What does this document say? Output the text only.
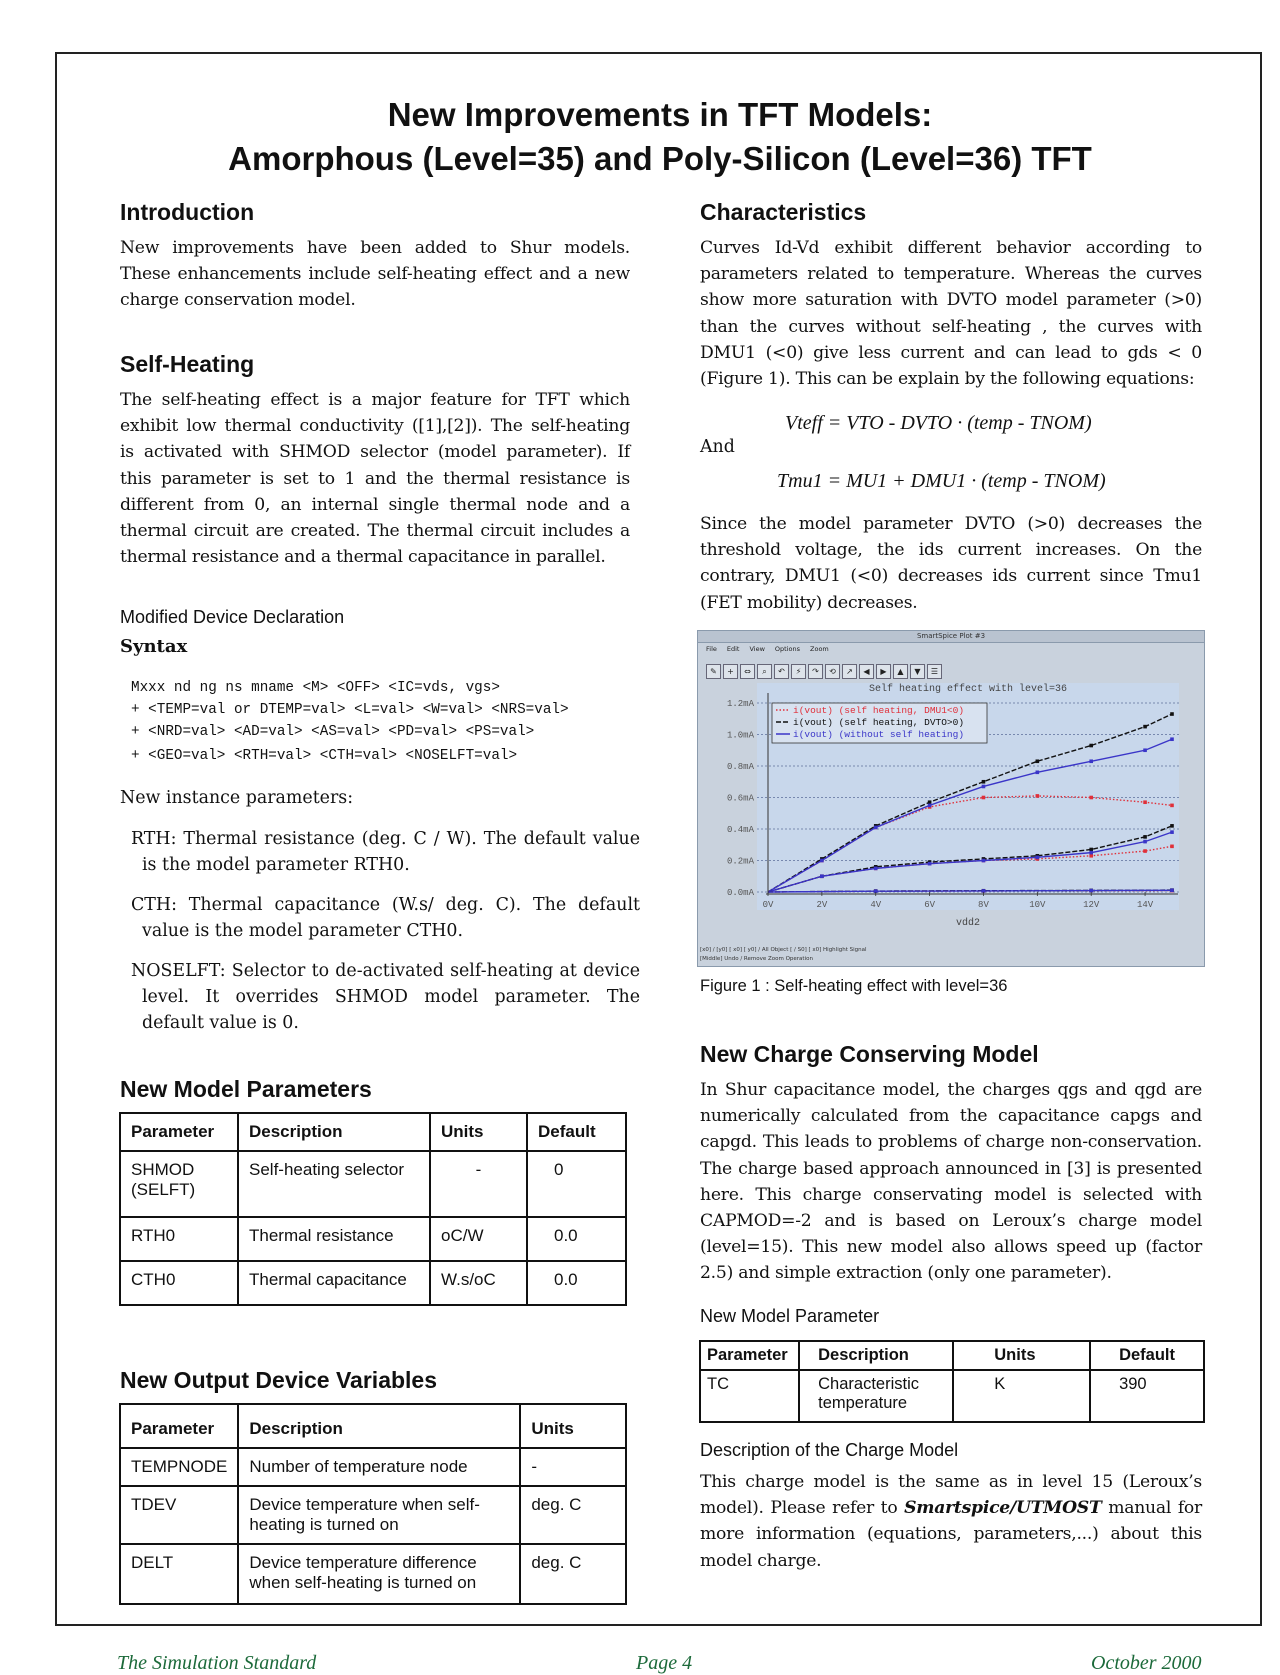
New Improvements in TFT Models:
Amorphous (Level=35) and Poly-Silicon (Level=36) TFT
Introduction

New improvements have been added to Shur models. These enhancements include self-heating effect and a new charge conservation model.

Self-Heating

The self-heating effect is a major feature for TFT which exhibit low thermal conductivity ([1],[2]). The self-heating is activated with SHMOD selector (model parameter). If this parameter is set to 1 and the thermal resistance is different from 0, an internal single thermal node and a thermal circuit are created. The thermal circuit includes a thermal resistance and a thermal capacitance in parallel.

Modified Device Declaration
Syntax
Mxxx nd ng ns mname <M> <OFF> <IC=vds, vgs>
+ <TEMP=val or DTEMP=val> <L=val> <W=val> <NRS=val>
+ <NRD=val> <AD=val> <AS=val> <PD=val> <PS=val>
+ <GEO=val> <RTH=val> <CTH=val> <NOSELFT=val>
New instance parameters:

RTH: Thermal resistance (deg. C / W). The default value is the model parameter RTH0.

CTH: Thermal capacitance (W.s/ deg. C). The default value is the model parameter CTH0.

NOSELFT: Selector to de-activated self-heating at device level. It overrides SHMOD model parameter. The default value is 0.

New Model Parameters
Parameter	Description	Units	Default
SHMOD (SELFT)	Self-heating selector	-	0
RTH0	Thermal resistance	oC/W	0.0
CTH0	Thermal capacitance	W.s/oC	0.0
New Output Device Variables
Parameter	Description	Units
TEMPNODE	Number of temperature node	-
TDEV	Device temperature when self-heating is turned on	deg. C
DELT	Device temperature difference when self-heating is turned on	deg. C
Characteristics

Curves Id-Vd exhibit different behavior according to parameters related to temperature. Whereas the curves show more saturation with DVTO model parameter (>0) than the curves without self-heating , the curves with DMU1 (<0) give less current and can lead to gds < 0 (Figure 1). This can be explain by the following equations:

Vteff = VTO - DVTO · (temp - TNOM)
And
Tmu1 = MU1 + DMU1 · (temp - TNOM)

Since the model parameter DVTO (>0) decreases the threshold voltage, the ids current increases. On the contrary, DMU1 (<0) decreases ids current since Tmu1 (FET mobility) decreases.

SmartSpice Plot #3
File Edit View Options Zoom
✎	+	⇔	⌕	↶	⚡	↷	⟲	↗	◀	▶	▲	▼	☰
Self heating effect with level=36
0.0mA
0.2mA
0.4mA
0.6mA
0.8mA
1.0mA
1.2mA
0V	2V	4V	6V	8V	10V	12V	14V
i(vout) (self heating, DMU1<0)
i(vout) (self heating, DVTO>0)
i(vout) (without self heating)
vdd2
[x0] / [y0] [ x0] [ y0] / All Object [ / S0] [ x0] Highlight Signal
[Middle] Undo / Remove Zoom Operation
Figure 1 : Self-heating effect with level=36
New Charge Conserving Model

In Shur capacitance model, the charges qgs and qgd are numerically calculated from the capacitance capgs and capgd. This leads to problems of charge non-conservation. The charge based approach announced in [3] is presented here. This charge conservating model is selected with CAPMOD=-2 and is based on Leroux’s charge model (level=15). This new model also allows speed up (factor 2.5) and simple extraction (only one parameter).

New Model Parameter
Parameter	Description	Units	Default
TC	Characteristic temperature	K	390
Description of the Charge Model

This charge model is the same as in level 15 (Leroux’s model). Please refer to Smartspice/UTMOST manual for more information (equations, parameters,...) about this model charge.

The Simulation Standard	Page 4	October 2000
